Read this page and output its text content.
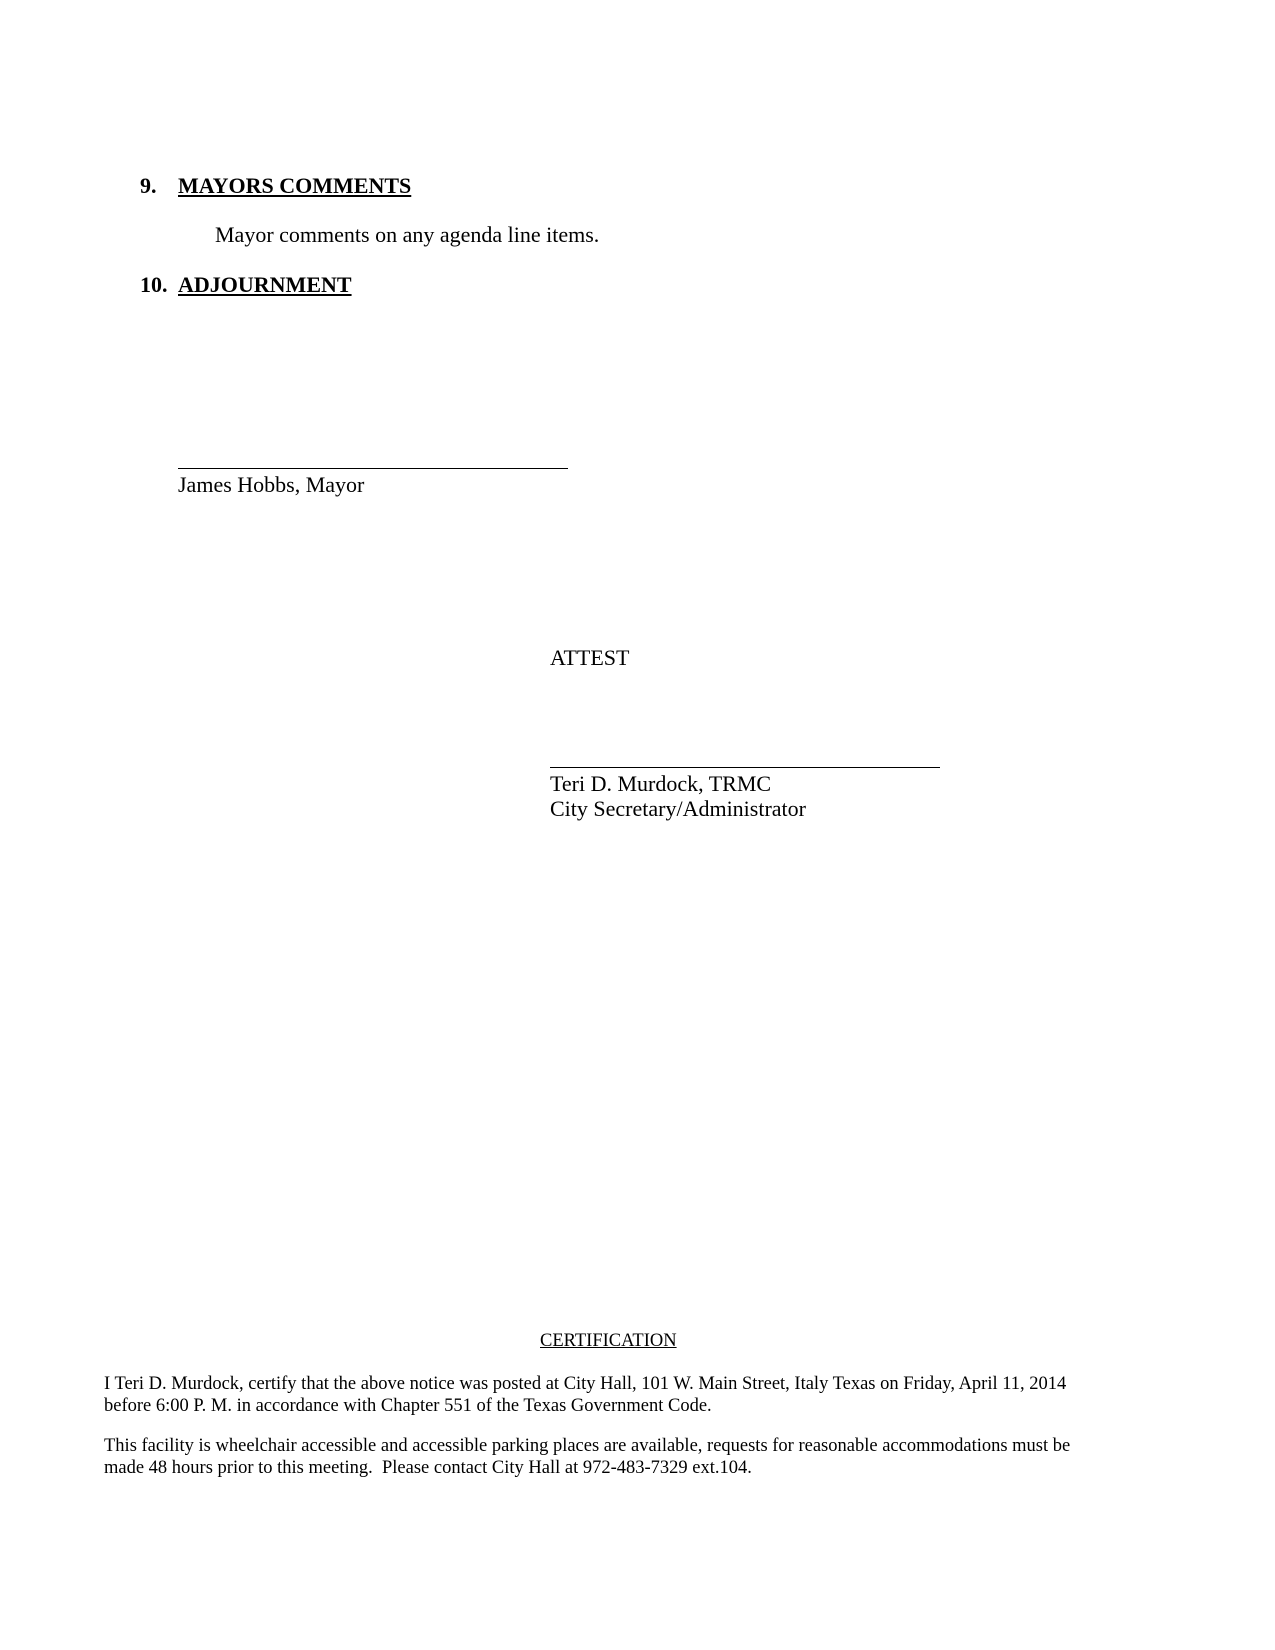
9. MAYORS COMMENTS
Mayor comments on any agenda line items.
10. ADJOURNMENT
James Hobbs, Mayor
ATTEST
Teri D. Murdock, TRMC
City Secretary/Administrator
CERTIFICATION
I Teri D. Murdock, certify that the above notice was posted at City Hall, 101 W. Main Street, Italy Texas on Friday, April 11, 2014
before 6:00 P. M. in accordance with Chapter 551 of the Texas Government Code.
This facility is wheelchair accessible and accessible parking places are available, requests for reasonable accommodations must be
made 48 hours prior to this meeting.  Please contact City Hall at 972-483-7329 ext.104.
